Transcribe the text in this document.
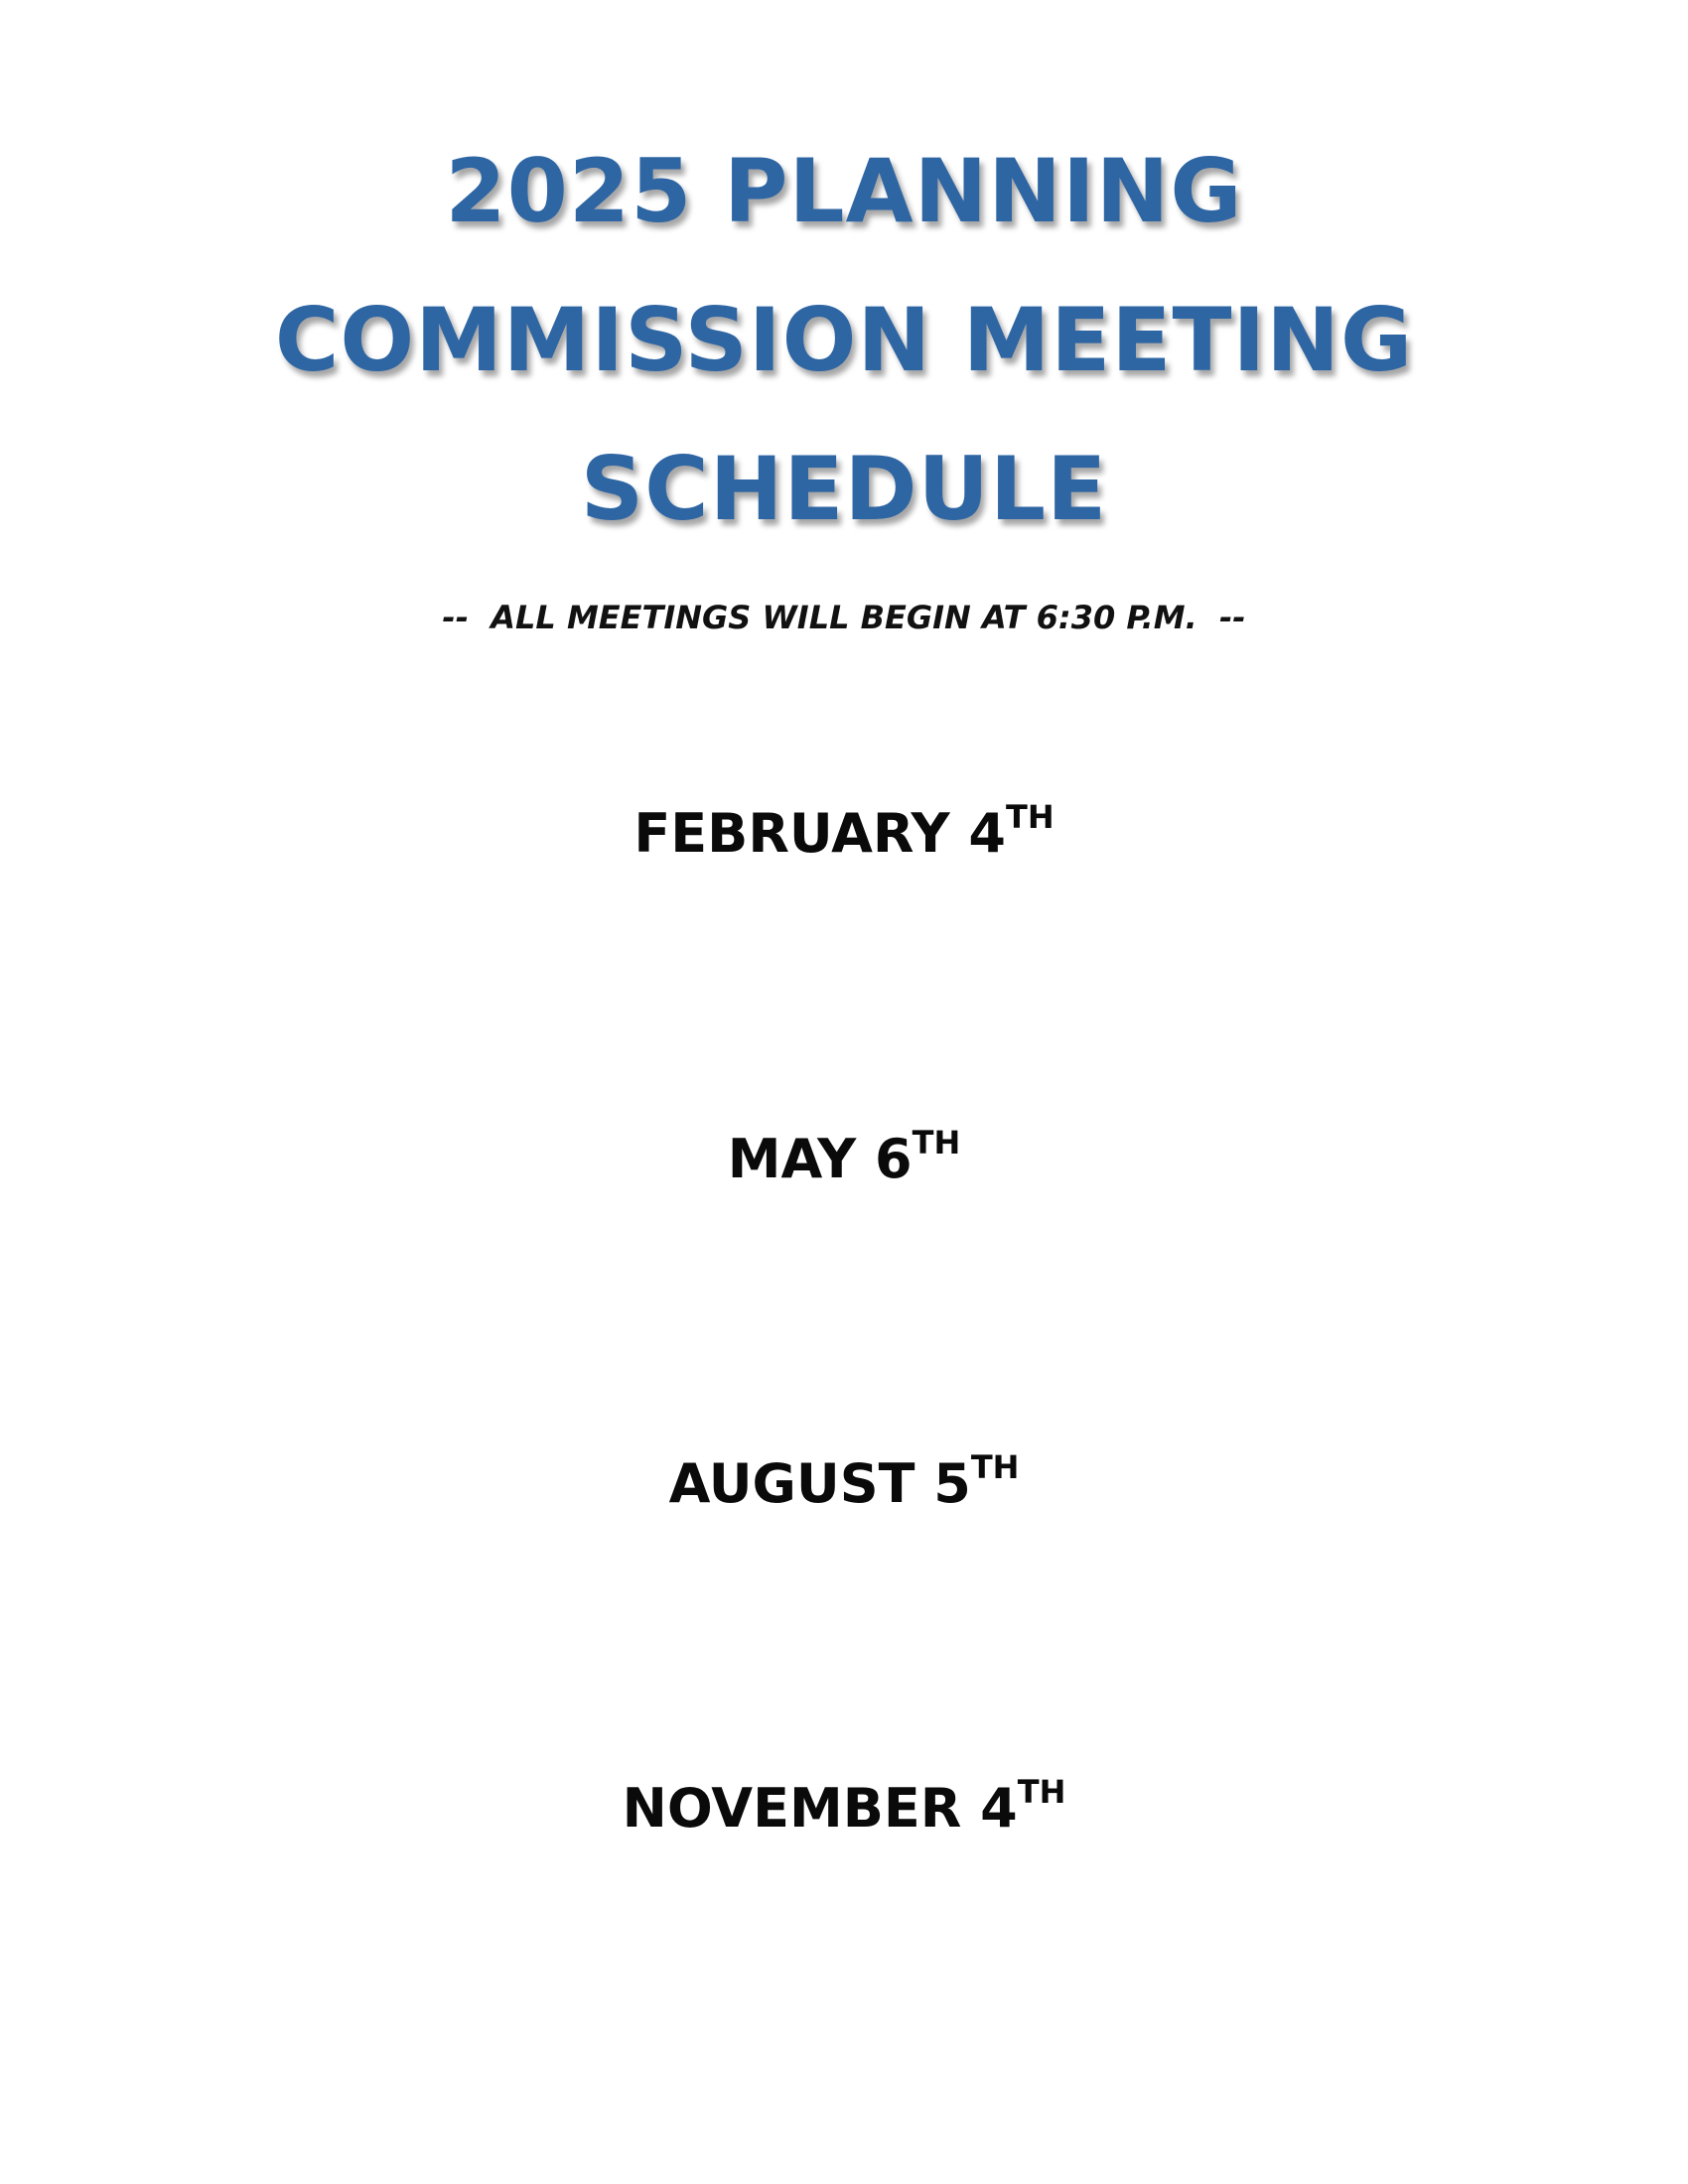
2025 PLANNING
COMMISSION MEETING
SCHEDULE
--  ALL MEETINGS WILL BEGIN AT 6:30 P.M.  --
FEBRUARY 4TH
MAY 6TH
AUGUST 5TH
NOVEMBER 4TH
